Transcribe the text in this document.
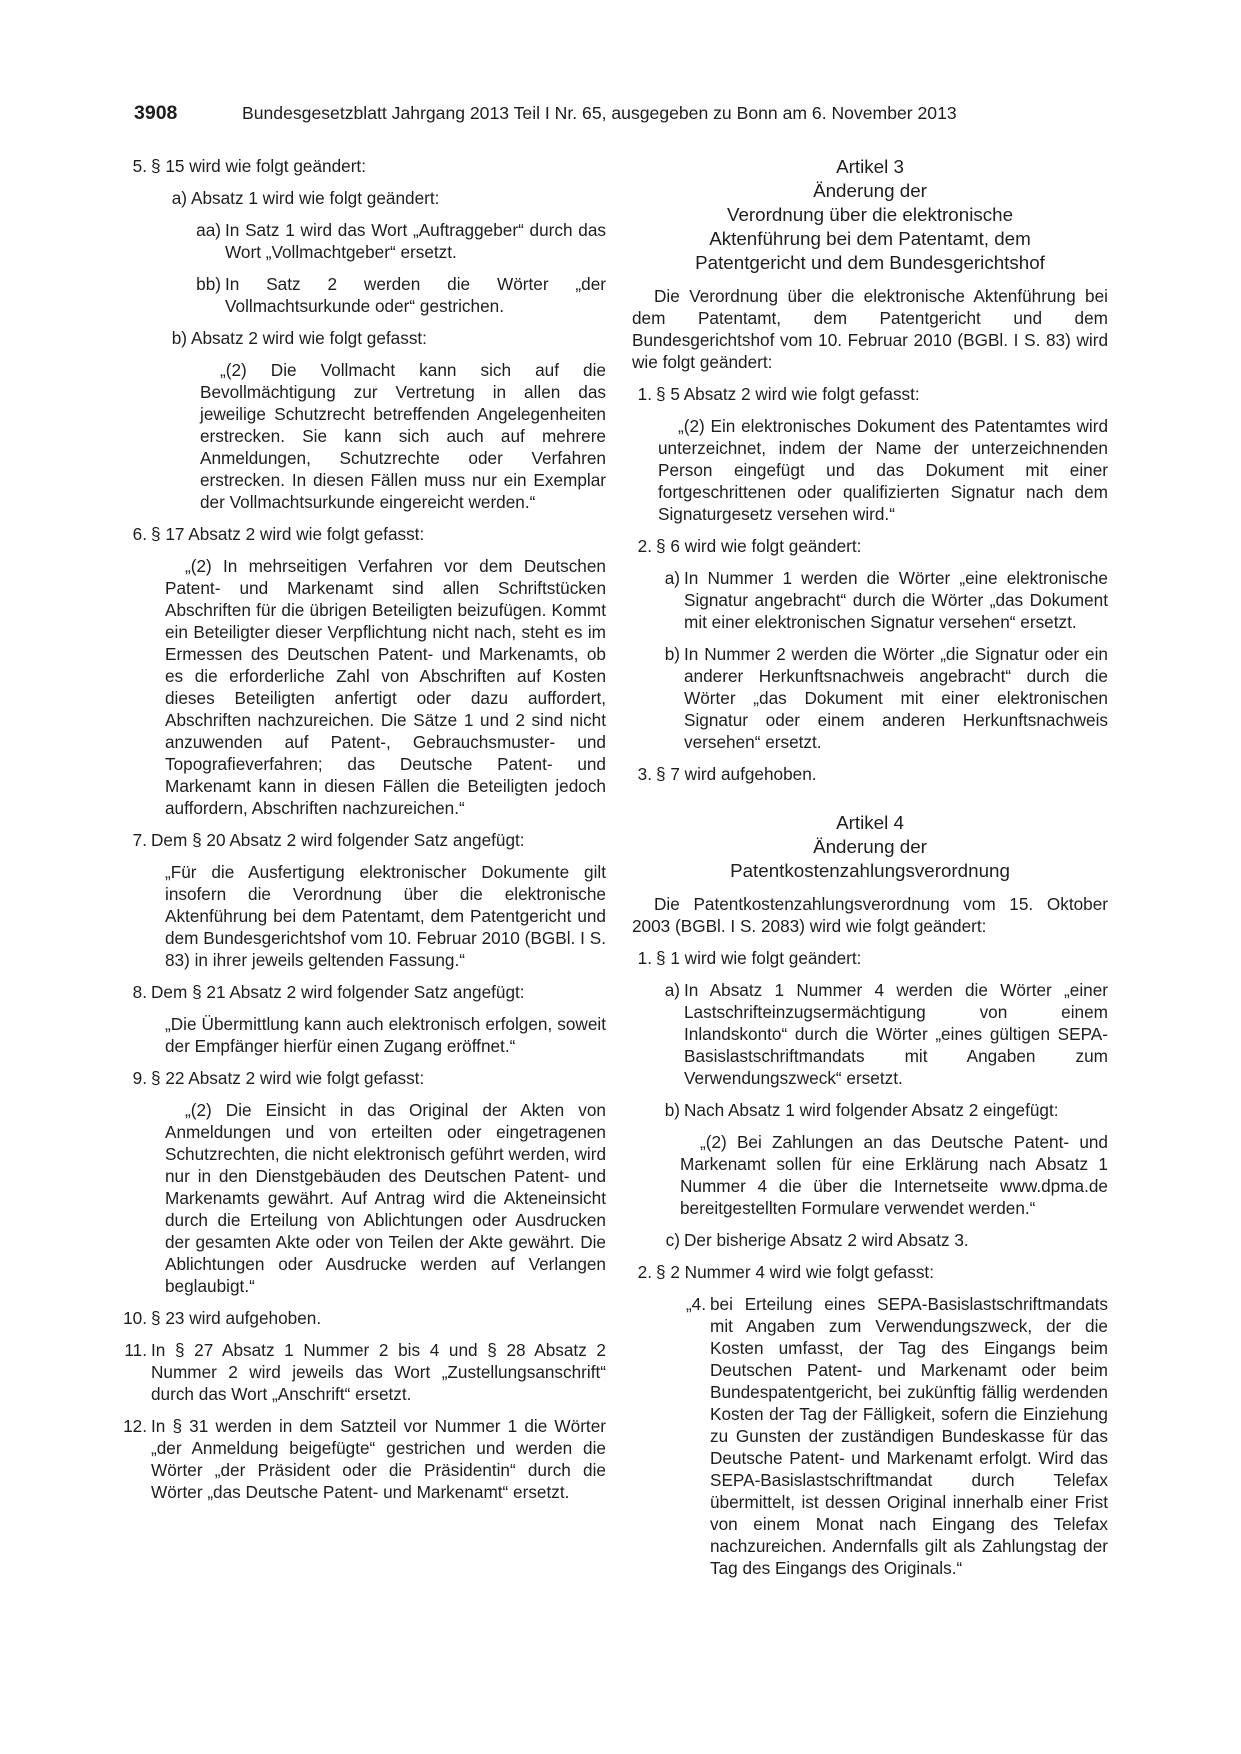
3908	Bundesgesetzblatt Jahrgang 2013 Teil I Nr. 65, ausgegeben zu Bonn am 6. November 2013
5. § 15 wird wie folgt geändert:
a) Absatz 1 wird wie folgt geändert:
aa) In Satz 1 wird das Wort „Auftraggeber“ durch das Wort „Vollmachtgeber“ ersetzt.
bb) In Satz 2 werden die Wörter „der Vollmachtsurkunde oder“ gestrichen.
b) Absatz 2 wird wie folgt gefasst:
„(2) Die Vollmacht kann sich auf die Bevollmächtigung zur Vertretung in allen das jeweilige Schutzrecht betreffenden Angelegenheiten erstrecken. Sie kann sich auch auf mehrere Anmeldungen, Schutzrechte oder Verfahren erstrecken. In diesen Fällen muss nur ein Exemplar der Vollmachtsurkunde eingereicht werden.“
6. § 17 Absatz 2 wird wie folgt gefasst:
„(2) In mehrseitigen Verfahren vor dem Deutschen Patent- und Markenamt sind allen Schriftstücken Abschriften für die übrigen Beteiligten beizufügen. Kommt ein Beteiligter dieser Verpflichtung nicht nach, steht es im Ermessen des Deutschen Patent- und Markenamts, ob es die erforderliche Zahl von Abschriften auf Kosten dieses Beteiligten anfertigt oder dazu auffordert, Abschriften nachzureichen. Die Sätze 1 und 2 sind nicht anzuwenden auf Patent-, Gebrauchsmuster- und Topografieverfahren; das Deutsche Patent- und Markenamt kann in diesen Fällen die Beteiligten jedoch auffordern, Abschriften nachzureichen.“
7. Dem § 20 Absatz 2 wird folgender Satz angefügt:
„Für die Ausfertigung elektronischer Dokumente gilt insofern die Verordnung über die elektronische Aktenführung bei dem Patentamt, dem Patentgericht und dem Bundesgerichtshof vom 10. Februar 2010 (BGBl. I S. 83) in ihrer jeweils geltenden Fassung.“
8. Dem § 21 Absatz 2 wird folgender Satz angefügt:
„Die Übermittlung kann auch elektronisch erfolgen, soweit der Empfänger hierfür einen Zugang eröffnet.“
9. § 22 Absatz 2 wird wie folgt gefasst:
„(2) Die Einsicht in das Original der Akten von Anmeldungen und von erteilten oder eingetragenen Schutzrechten, die nicht elektronisch geführt werden, wird nur in den Dienstgebäuden des Deutschen Patent- und Markenamts gewährt. Auf Antrag wird die Akteneinsicht durch die Erteilung von Ablichtungen oder Ausdrucken der gesamten Akte oder von Teilen der Akte gewährt. Die Ablichtungen oder Ausdrucke werden auf Verlangen beglaubigt.“
10. § 23 wird aufgehoben.
11. In § 27 Absatz 1 Nummer 2 bis 4 und § 28 Absatz 2 Nummer 2 wird jeweils das Wort „Zustellungsanschrift“ durch das Wort „Anschrift“ ersetzt.
12. In § 31 werden in dem Satzteil vor Nummer 1 die Wörter „der Anmeldung beigefügte“ gestrichen und werden die Wörter „der Präsident oder die Präsidentin“ durch die Wörter „das Deutsche Patent- und Markenamt“ ersetzt.
Artikel 3
Änderung der
Verordnung über die elektronische
Aktenführung bei dem Patentamt, dem
Patentgericht und dem Bundesgerichtshof
Die Verordnung über die elektronische Aktenführung bei dem Patentamt, dem Patentgericht und dem Bundesgerichtshof vom 10. Februar 2010 (BGBl. I S. 83) wird wie folgt geändert:
1. § 5 Absatz 2 wird wie folgt gefasst:
„(2) Ein elektronisches Dokument des Patentamtes wird unterzeichnet, indem der Name der unterzeichnenden Person eingefügt und das Dokument mit einer fortgeschrittenen oder qualifizierten Signatur nach dem Signaturgesetz versehen wird.“
2. § 6 wird wie folgt geändert:
a) In Nummer 1 werden die Wörter „eine elektronische Signatur angebracht“ durch die Wörter „das Dokument mit einer elektronischen Signatur versehen“ ersetzt.
b) In Nummer 2 werden die Wörter „die Signatur oder ein anderer Herkunftsnachweis angebracht“ durch die Wörter „das Dokument mit einer elektronischen Signatur oder einem anderen Herkunftsnachweis versehen“ ersetzt.
3. § 7 wird aufgehoben.
Artikel 4
Änderung der
Patentkostenzahlungsverordnung
Die Patentkostenzahlungsverordnung vom 15. Oktober 2003 (BGBl. I S. 2083) wird wie folgt geändert:
1. § 1 wird wie folgt geändert:
a) In Absatz 1 Nummer 4 werden die Wörter „einer Lastschrifteinzugsermächtigung von einem Inlandskonto“ durch die Wörter „eines gültigen SEPA-Basislastschriftmandats mit Angaben zum Verwendungszweck“ ersetzt.
b) Nach Absatz 1 wird folgender Absatz 2 eingefügt:
„(2) Bei Zahlungen an das Deutsche Patent- und Markenamt sollen für eine Erklärung nach Absatz 1 Nummer 4 die über die Internetseite www.dpma.de bereitgestellten Formulare verwendet werden.“
c) Der bisherige Absatz 2 wird Absatz 3.
2. § 2 Nummer 4 wird wie folgt gefasst:
„4. bei Erteilung eines SEPA-Basislastschriftmandats mit Angaben zum Verwendungszweck, der die Kosten umfasst, der Tag des Eingangs beim Deutschen Patent- und Markenamt oder beim Bundespatentgericht, bei zukünftig fällig werdenden Kosten der Tag der Fälligkeit, sofern die Einziehung zu Gunsten der zuständigen Bundeskasse für das Deutsche Patent- und Markenamt erfolgt. Wird das SEPA-Basislastschriftmandat durch Telefax übermittelt, ist dessen Original innerhalb einer Frist von einem Monat nach Eingang des Telefax nachzureichen. Andernfalls gilt als Zahlungstag der Tag des Eingangs des Originals.“
